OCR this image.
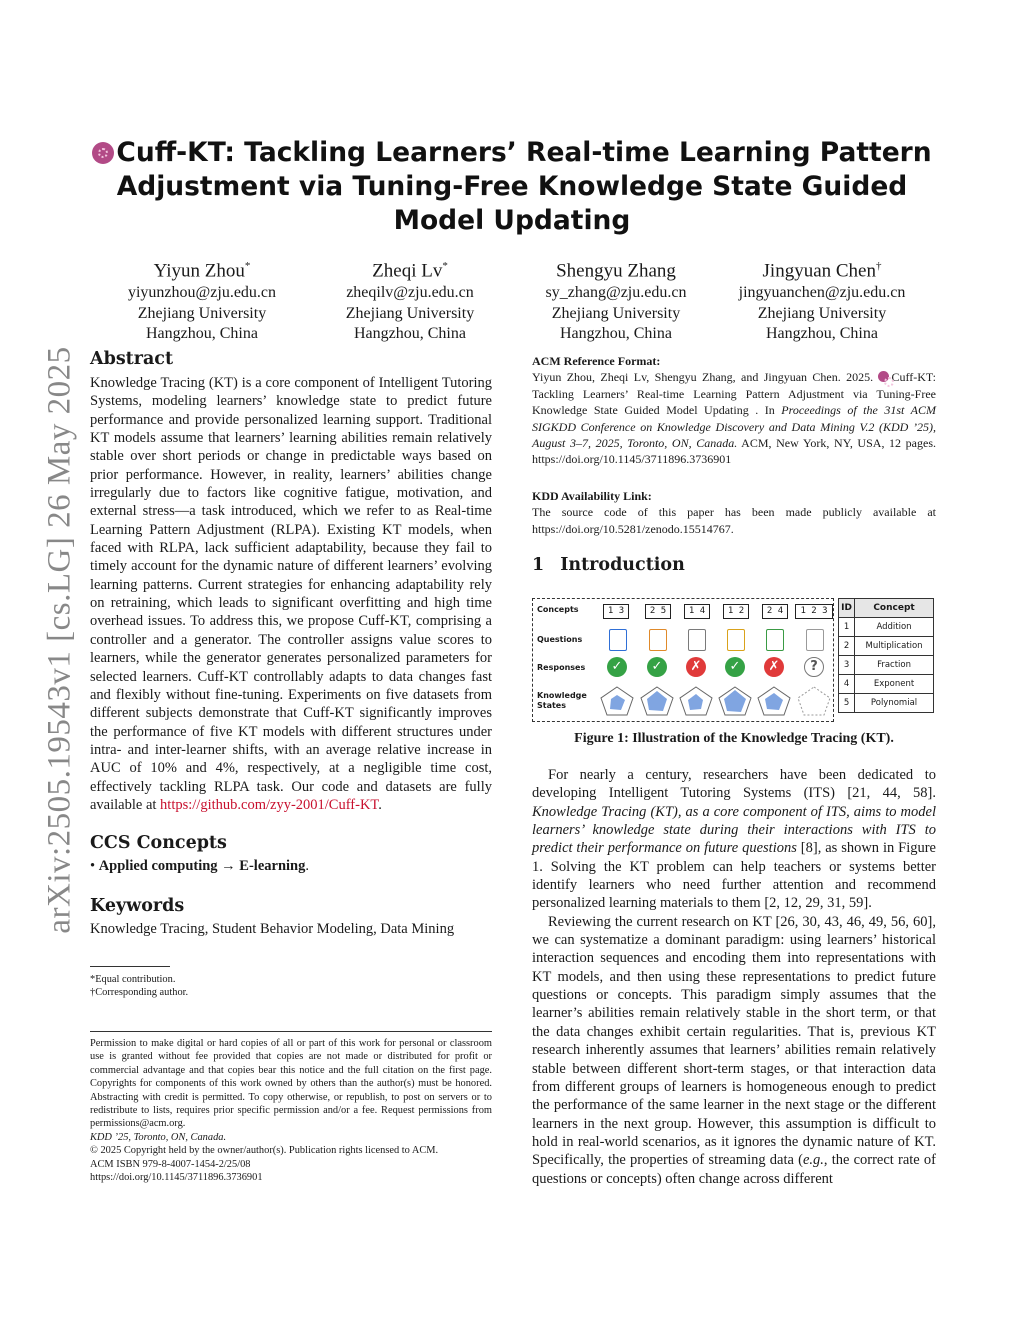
arXiv:2505.19543v1 [cs.LG] 26 May 2025
Cuff-KT: Tackling Learners’ Real-time Learning Pattern Adjustment via Tuning-Free Knowledge State Guided Model Updating
Yiyun Zhou*
yiyunzhou@zju.edu.cn
Zhejiang University
Hangzhou, China
Zheqi Lv*
zheqilv@zju.edu.cn
Zhejiang University
Hangzhou, China
Shengyu Zhang
sy_zhang@zju.edu.cn
Zhejiang University
Hangzhou, China
Jingyuan Chen†
jingyuanchen@zju.edu.cn
Zhejiang University
Hangzhou, China
Abstract

Knowledge Tracing (KT) is a core component of Intelligent Tutoring Systems, modeling learners’ knowledge state to predict future performance and provide personalized learning support. Traditional KT models assume that learners’ learning abilities remain relatively stable over short periods or change in predictable ways based on prior performance. However, in reality, learners’ abilities change irregularly due to factors like cognitive fatigue, motivation, and external stress—a task introduced, which we refer to as Real-time Learning Pattern Adjustment (RLPA). Existing KT models, when faced with RLPA, lack sufficient adaptability, because they fail to timely account for the dynamic nature of different learners’ evolving learning patterns. Current strategies for enhancing adaptability rely on retraining, which leads to significant overfitting and high time overhead issues. To address this, we propose Cuff-KT, comprising a controller and a generator. The controller assigns value scores to learners, while the generator generates personalized parameters for selected learners. Cuff-KT controllably adapts to data changes fast and flexibly without fine-tuning. Experiments on five datasets from different subjects demonstrate that Cuff-KT significantly improves the performance of five KT models with different structures under intra- and inter-learner shifts, with an average relative increase in AUC of 10% and 4%, respectively, at a negligible time cost, effectively tackling RLPA task. Our code and datasets are fully available at https://github.com/zyy-2001/Cuff-KT.

CCS Concepts

• Applied computing → E-learning.

Keywords

Knowledge Tracing, Student Behavior Modeling, Data Mining

*Equal contribution.
†Corresponding author.
Permission to make digital or hard copies of all or part of this work for personal or classroom use is granted without fee provided that copies are not made or distributed for profit or commercial advantage and that copies bear this notice and the full citation on the first page. Copyrights for components of this work owned by others than the author(s) must be honored. Abstracting with credit is permitted. To copy otherwise, or republish, to post on servers or to redistribute to lists, requires prior specific permission and/or a fee. Request permissions from permissions@acm.org.
KDD ’25, Toronto, ON, Canada.
© 2025 Copyright held by the owner/author(s). Publication rights licensed to ACM.
ACM ISBN 979-8-4007-1454-2/25/08
https://doi.org/10.1145/3711896.3736901
ACM Reference Format:

Yiyun Zhou, Zheqi Lv, Shengyu Zhang, and Jingyuan Chen. 2025. Cuff-KT: Tackling Learners’ Real-time Learning Pattern Adjustment via Tuning-Free Knowledge State Guided Model Updating . In Proceedings of the 31st ACM SIGKDD Conference on Knowledge Discovery and Data Mining V.2 (KDD ’25), August 3–7, 2025, Toronto, ON, Canada. ACM, New York, NY, USA, 12 pages. https://doi.org/10.1145/3711896.3736901

KDD Availability Link:

The source code of this paper has been made publicly available at https://doi.org/10.5281/zenodo.15514767.

1 Introduction
Concepts
Questions
Responses
Knowledge States
1 3	2 5	1 4	1 2	2 4	1 2 3
✓	✓	✗	✓	✗	?
ID	Concept
1	Addition
2	Multiplication
3	Fraction
4	Exponent
5	Polynomial
Figure 1: Illustration of the Knowledge Tracing (KT).

For nearly a century, researchers have been dedicated to developing Intelligent Tutoring Systems (ITS) [21, 44, 58]. Knowledge Tracing (KT), as a core component of ITS, aims to model learners’ knowledge state during their interactions with ITS to predict their performance on future questions [8], as shown in Figure 1. Solving the KT problem can help teachers or systems better identify learners who need further attention and recommend personalized learning materials to them [2, 12, 29, 31, 59].

Reviewing the current research on KT [26, 30, 43, 46, 49, 56, 60], we can systematize a dominant paradigm: using learners’ historical interaction sequences and encoding them into representations with KT models, and then using these representations to predict future questions or concepts. This paradigm simply assumes that the learner’s abilities remain relatively stable in the short term, or that the data changes exhibit certain regularities. That is, previous KT research inherently assumes that learners’ abilities remain relatively stable between different short-term stages, or that interaction data from different groups of learners is homogeneous enough to predict the performance of the same learner in the next stage or the different learners in the next group. However, this assumption is difficult to hold in real-world scenarios, as it ignores the dynamic nature of KT. Specifically, the properties of streaming data (e.g., the correct rate of questions or concepts) often change across different
